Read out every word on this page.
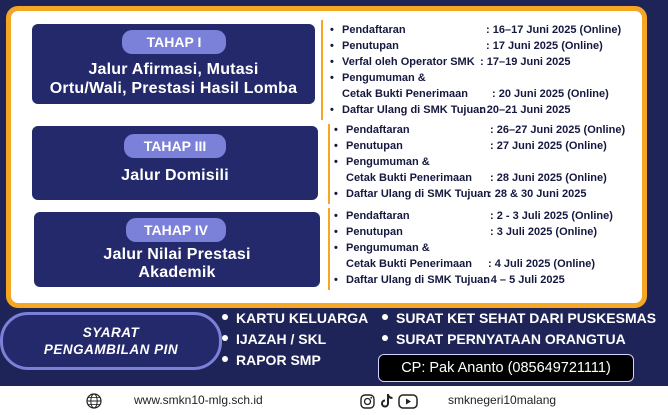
TAHAP I
Jalur Afirmasi, Mutasi
Ortu/Wali, Prestasi Hasil Lomba
• Pendaftaran	: 16–17 Juni 2025 (Online)
• Penutupan	: 17 Juni 2025 (Online)
• Verfal oleh Operator SMK : 17–19 Juni 2025
• Pengumuman &
Cetak Bukti Penerimaan : 20 Juni 2025 (Online)
• Daftar Ulang di SMK Tujuan
: 20–21 Juni 2025
TAHAP III
Jalur Domisili
• Pendaftaran	: 26–27 Juni 2025 (Online)
• Penutupan	: 27 Juni 2025 (Online)
• Pengumuman &
Cetak Bukti Penerimaan : 28 Juni 2025 (Online)
• Daftar Ulang di SMK Tujuan
: 28 & 30 Juni 2025
TAHAP IV
Jalur Nilai Prestasi
Akademik
• Pendaftaran	: 2 - 3 Juli 2025 (Online)
• Penutupan	: 3 Juli 2025 (Online)
• Pengumuman &
Cetak Bukti Penerimaan : 4 Juli 2025 (Online)
• Daftar Ulang di SMK Tujuan
: 4 – 5 Juli 2025
SYARAT
PENGAMBILAN PIN
KARTU KELUARGA
IJAZAH / SKL
RAPOR SMP
SURAT KET SEHAT DARI PUSKESMAS
SURAT PERNYATAAN ORANGTUA
CP: Pak Ananto (085649721111)
www.smkn10-mlg.sch.id	smknegeri10malang
